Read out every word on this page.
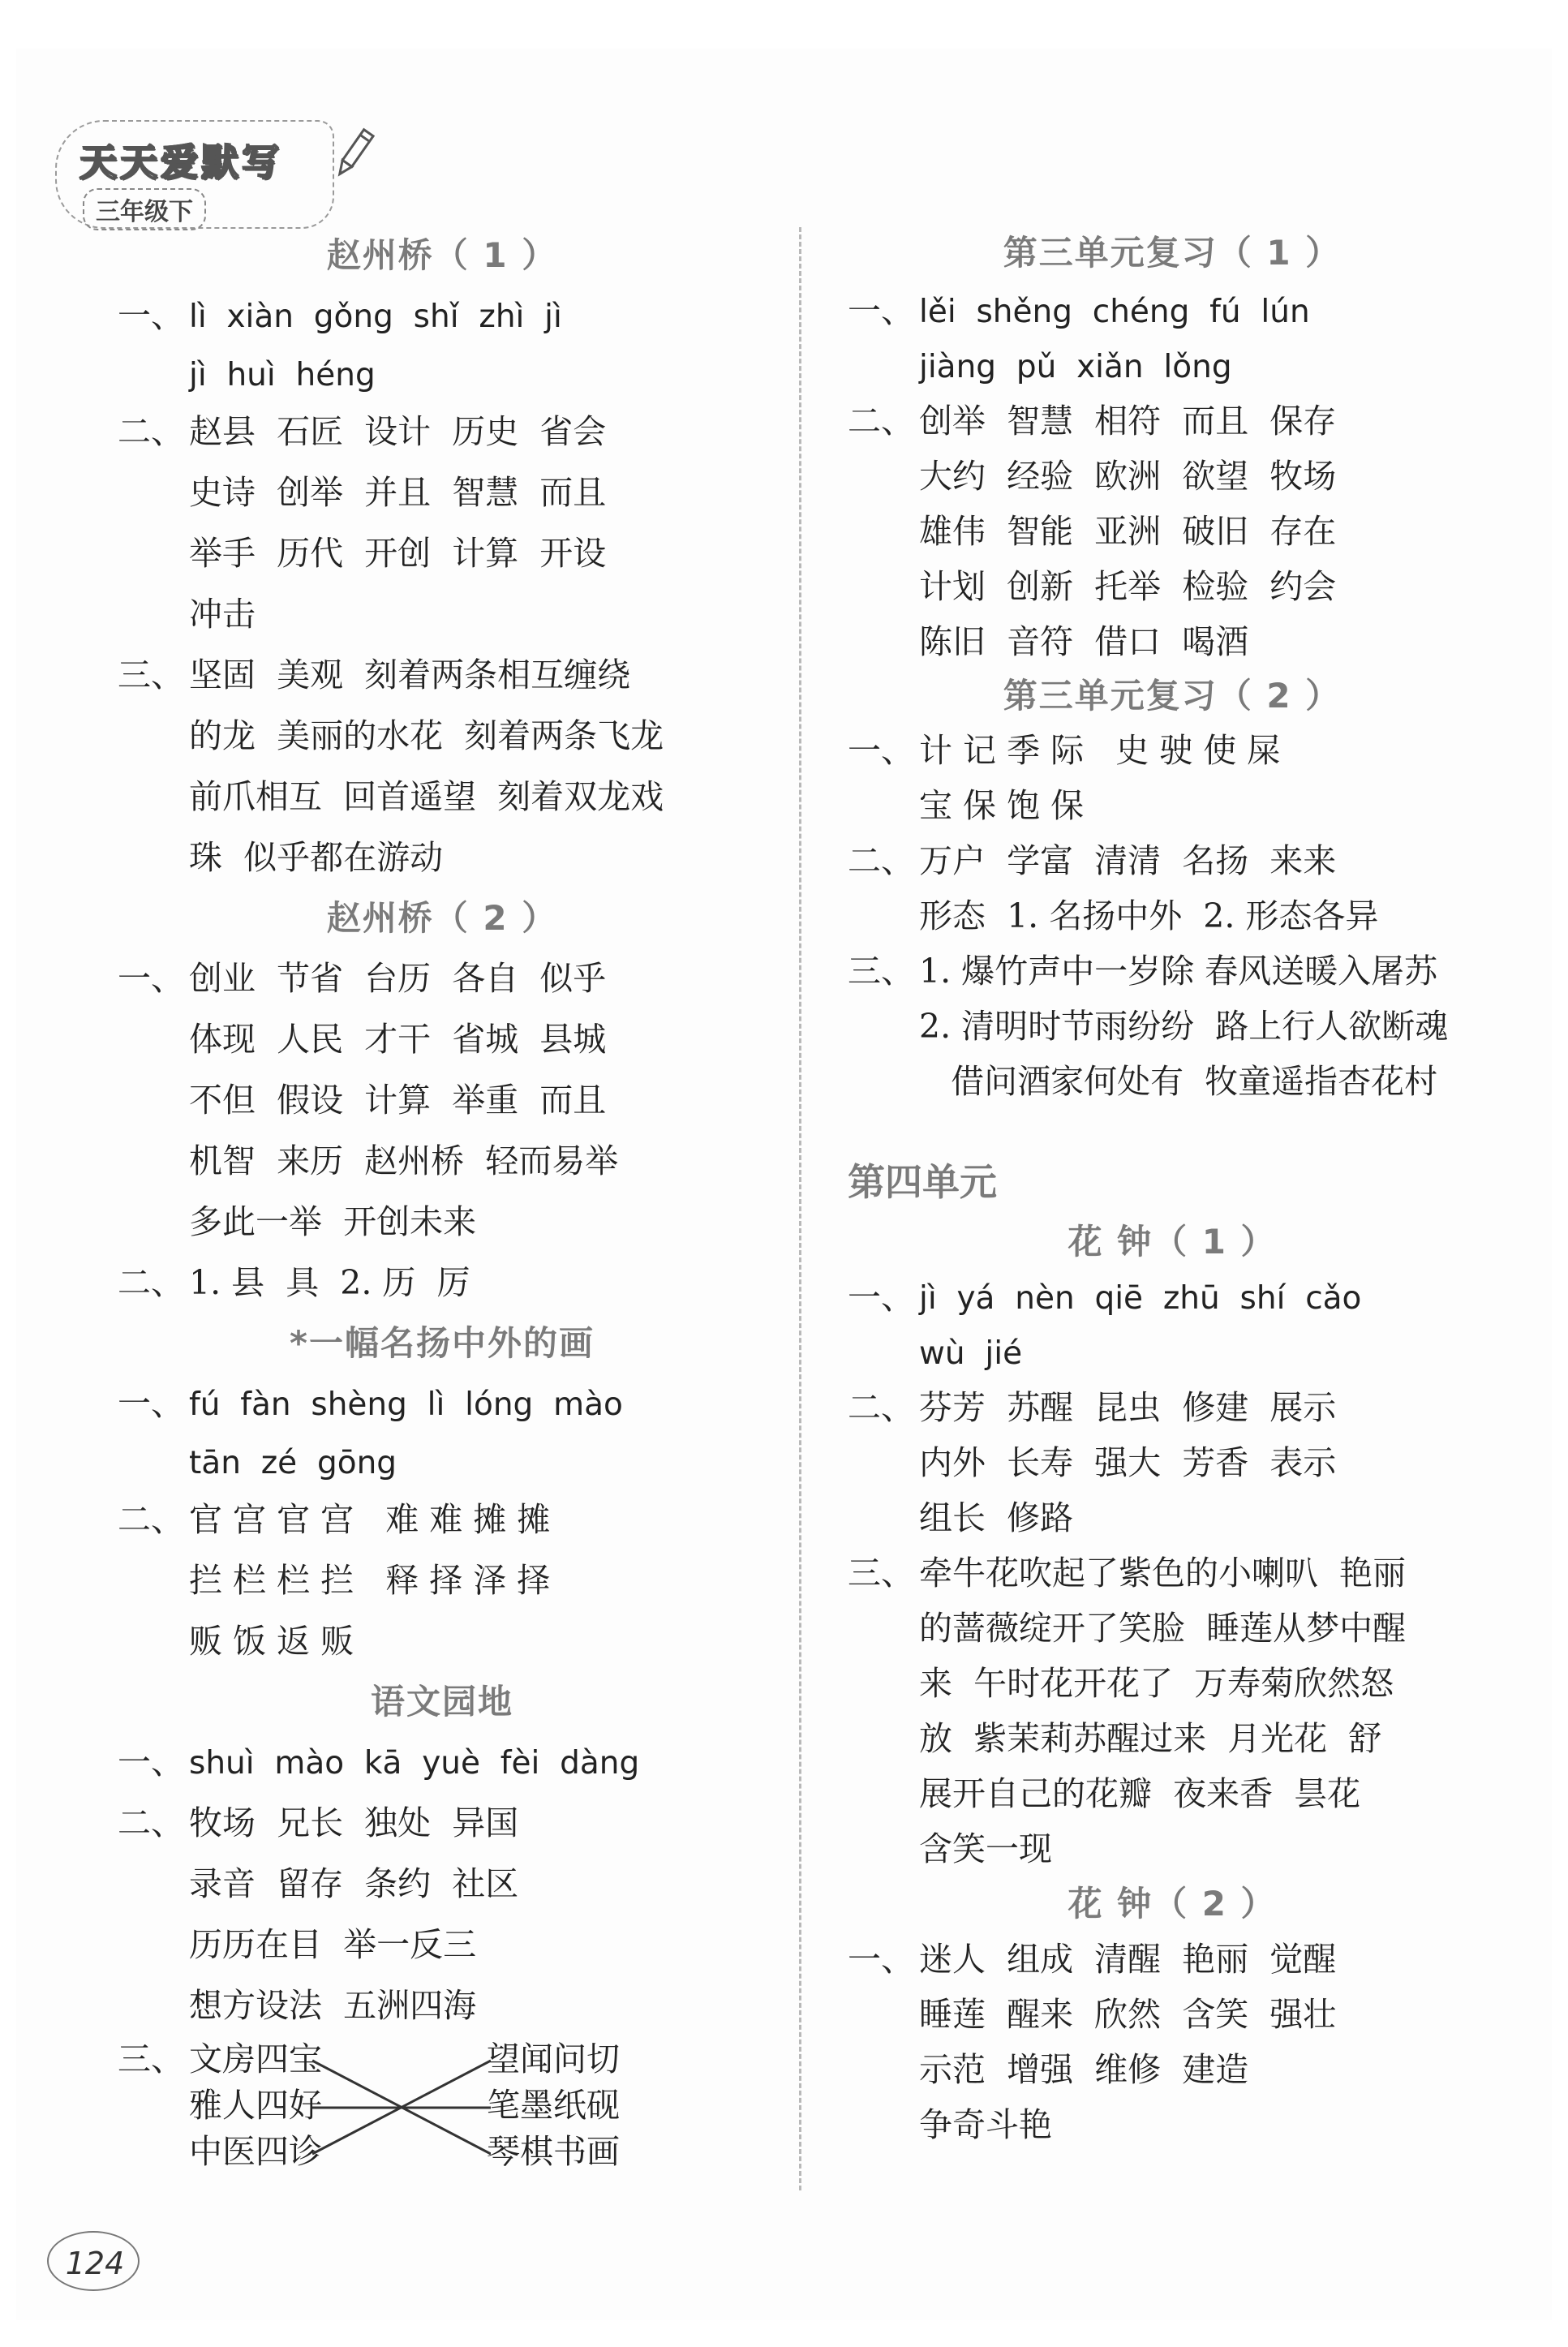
天天爱默写
三年级下
赵州桥（ 1 ）
一、 lì  xiàn  gǒng  shǐ  zhì  jì
jì  huì  héng
二、 赵县  石匠  设计  历史  省会
史诗  创举  并且  智慧  而且
举手  历代  开创  计算  开设
冲击
三、 坚固  美观  刻着两条相互缠绕
的龙  美丽的水花  刻着两条飞龙
前爪相互  回首遥望  刻着双龙戏
珠  似乎都在游动
赵州桥（ 2 ）
一、 创业  节省  台历  各自  似乎
体现  人民  才干  省城  县城
不但  假设  计算  举重  而且
机智  来历  赵州桥  轻而易举
多此一举  开创未来
二、 1. 县  具  2. 历  厉
*一幅名扬中外的画
一、 fú  fàn  shèng  lì  lóng  mào
tān  zé  gōng
二、 官 宫 官 宫   难 难 摊 摊
拦 栏 栏 拦   释 择 泽 择
贩 饭 返 贩
语文园地
一、 shuì  mào  kā  yuè  fèi  dàng
二、 牧场  兄长  独处  异国
录音  留存  条约  社区
历历在目  举一反三
想方设法  五洲四海
三、 文房四宝
雅人四好
中医四诊
望闻问切
笔墨纸砚
琴棋书画
第三单元复习（ 1 ）
一、 lěi  shěng  chéng  fú  lún
jiàng  pǔ  xiǎn  lǒng
二、 创举  智慧  相符  而且  保存
大约  经验  欧洲  欲望  牧场
雄伟  智能  亚洲  破旧  存在
计划  创新  托举  检验  约会
陈旧  音符  借口  喝酒
第三单元复习（ 2 ）
一、 计 记 季 际   史 驶 使 屎
宝 保 饱 保
二、 万户  学富  清清  名扬  来来
形态  1. 名扬中外  2. 形态各异
三、 1. 爆竹声中一岁除 春风送暖入屠苏
2. 清明时节雨纷纷  路上行人欲断魂
借问酒家何处有  牧童遥指杏花村
第四单元
花 钟（ 1 ）
一、 jì  yá  nèn  qiē  zhū  shí  cǎo
wù  jié
二、 芬芳  苏醒  昆虫  修建  展示
内外  长寿  强大  芳香  表示
组长  修路
三、 牵牛花吹起了紫色的小喇叭  艳丽
的蔷薇绽开了笑脸  睡莲从梦中醒
来  午时花开花了  万寿菊欣然怒
放  紫茉莉苏醒过来  月光花  舒
展开自己的花瓣  夜来香  昙花
含笑一现
花 钟（ 2 ）
一、 迷人  组成  清醒  艳丽  觉醒
睡莲  醒来  欣然  含笑  强壮
示范  增强  维修  建造
争奇斗艳
124
